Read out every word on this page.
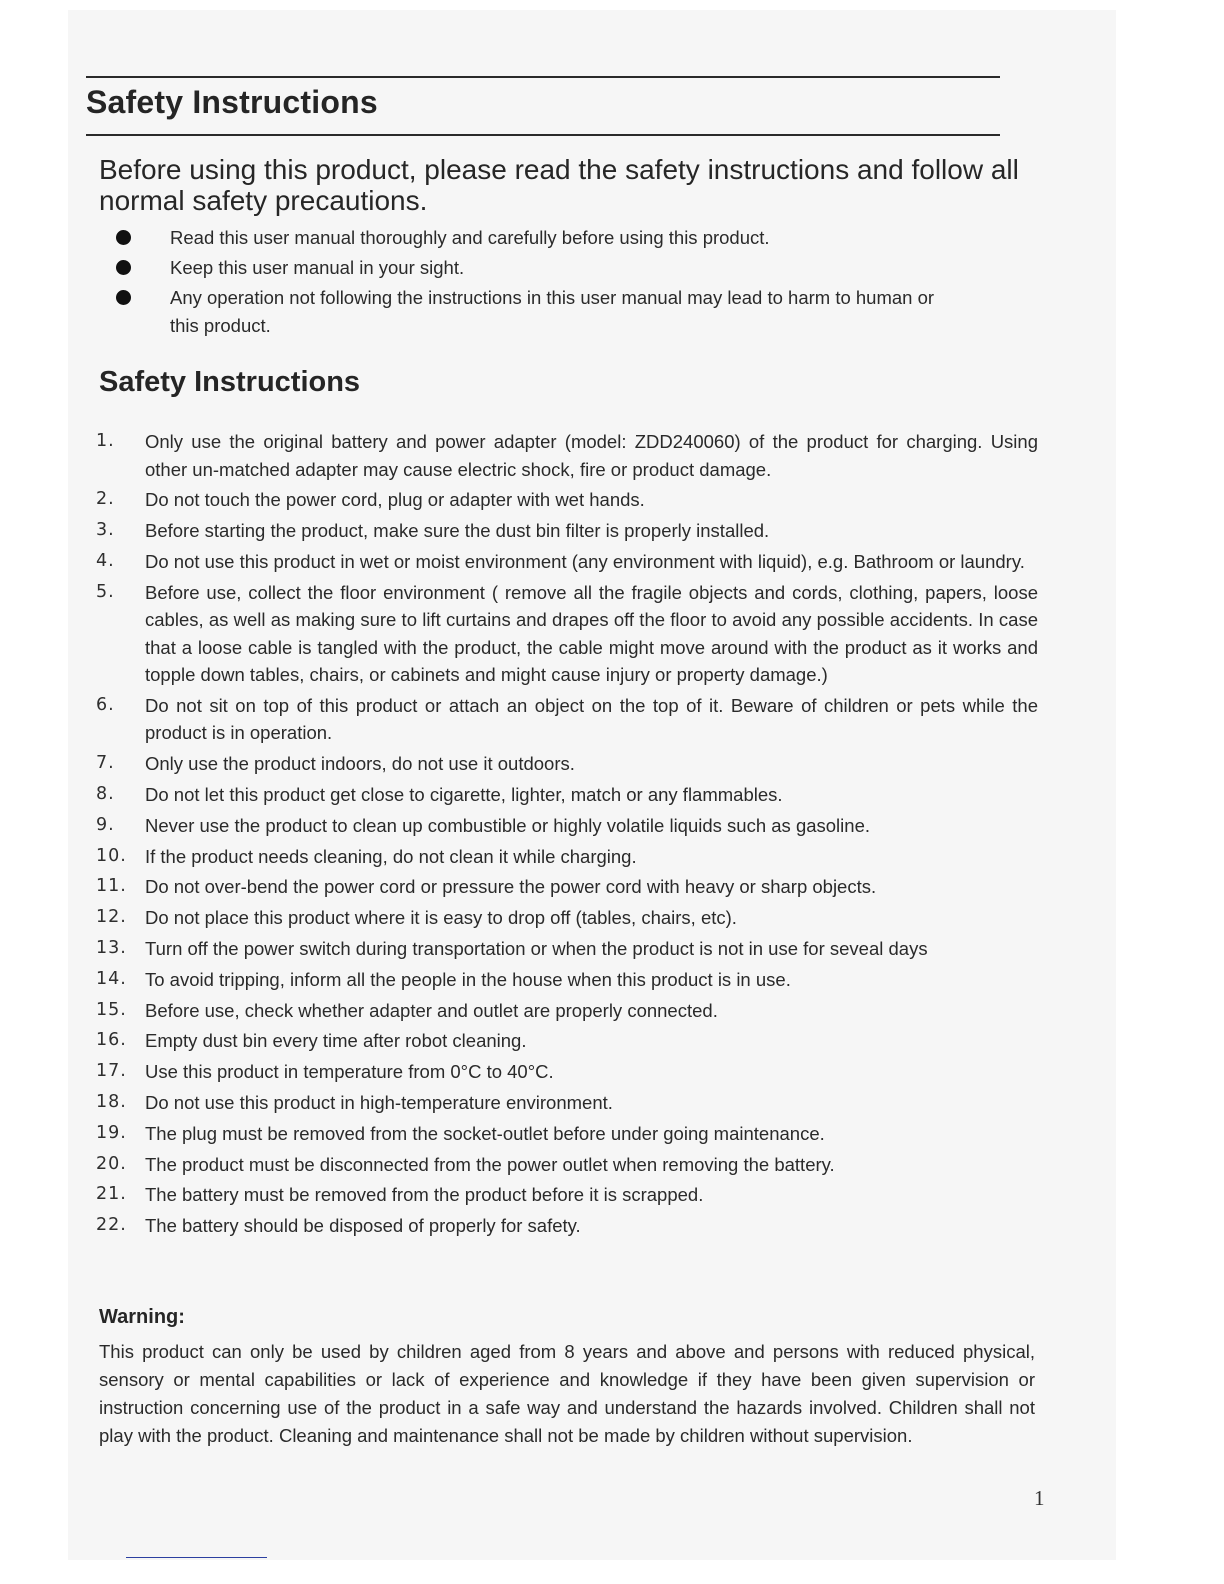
Safety Instructions

Before using this product, please read the safety instructions and follow all normal safety precautions.

Read this user manual thoroughly and carefully before using this product.
Keep this user manual in your sight.
Any operation not following the instructions in this user manual may lead to harm to human or this product.
Safety Instructions
1.	Only use the original battery and power adapter (model: ZDD240060) of the product for charging. Using other un-matched adapter may cause electric shock, fire or product damage.
2.	Do not touch the power cord, plug or adapter with wet hands.
3.	Before starting the product, make sure the dust bin filter is properly installed.
4.	Do not use this product in wet or moist environment (any environment with liquid), e.g. Bathroom or laundry.
5.	Before use, collect the floor environment ( remove all the fragile objects and cords, clothing, papers, loose cables, as well as making sure to lift curtains and drapes off the floor to avoid any possible accidents. In case that a loose cable is tangled with the product, the cable might move around with the product as it works and topple down tables, chairs, or cabinets and might cause injury or property damage.)
6.	Do not sit on top of this product or attach an object on the top of it. Beware of children or pets while the product is in operation.
7.	Only use the product indoors, do not use it outdoors.
8.	Do not let this product get close to cigarette, lighter, match or any flammables.
9.	Never use the product to clean up combustible or highly volatile liquids such as gasoline.
10. If the product needs cleaning, do not clean it while charging.
11. Do not over-bend the power cord or pressure the power cord with heavy or sharp objects.
12. Do not place this product where it is easy to drop off (tables, chairs, etc).
13. Turn off the power switch during transportation or when the product is not in use for seveal days
14. To avoid tripping, inform all the people in the house when this product is in use.
15. Before use, check whether adapter and outlet are properly connected.
16. Empty dust bin every time after robot cleaning.
17. Use this product in temperature from 0°C to 40°C.
18. Do not use this product in high-temperature environment.
19. The plug must be removed from the socket-outlet before under going maintenance.
20. The product must be disconnected from the power outlet when removing the battery.
21. The battery must be removed from the product before it is scrapped.
22. The battery should be disposed of properly for safety.
Warning:

This product can only be used by children aged from 8 years and above and persons with reduced physical, sensory or mental capabilities or lack of experience and knowledge if they have been given supervision or instruction concerning use of the product in a safe way and understand the hazards involved. Children shall not play with the product. Cleaning and maintenance shall not be made by children without supervision.

1
